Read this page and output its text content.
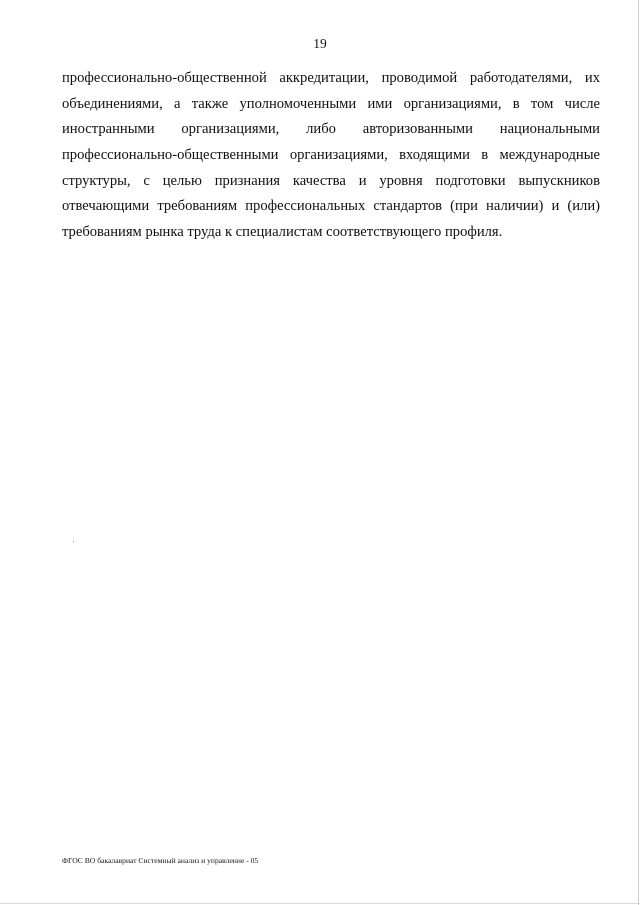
19
профессионально-общественной аккредитации, проводимой работодателями, их
объединениями, а также уполномоченными ими организациями, в том числе
иностранными организациями, либо авторизованными национальными
профессионально-общественными организациями, входящими в международные
структуры, с целью признания качества и уровня подготовки выпускников
отвечающими требованиям профессиональных стандартов (при наличии) и (или)
требованиям рынка труда к специалистам соответствующего профиля.
ФГОС ВО бакалавриат Системный анализ и управление - 05
